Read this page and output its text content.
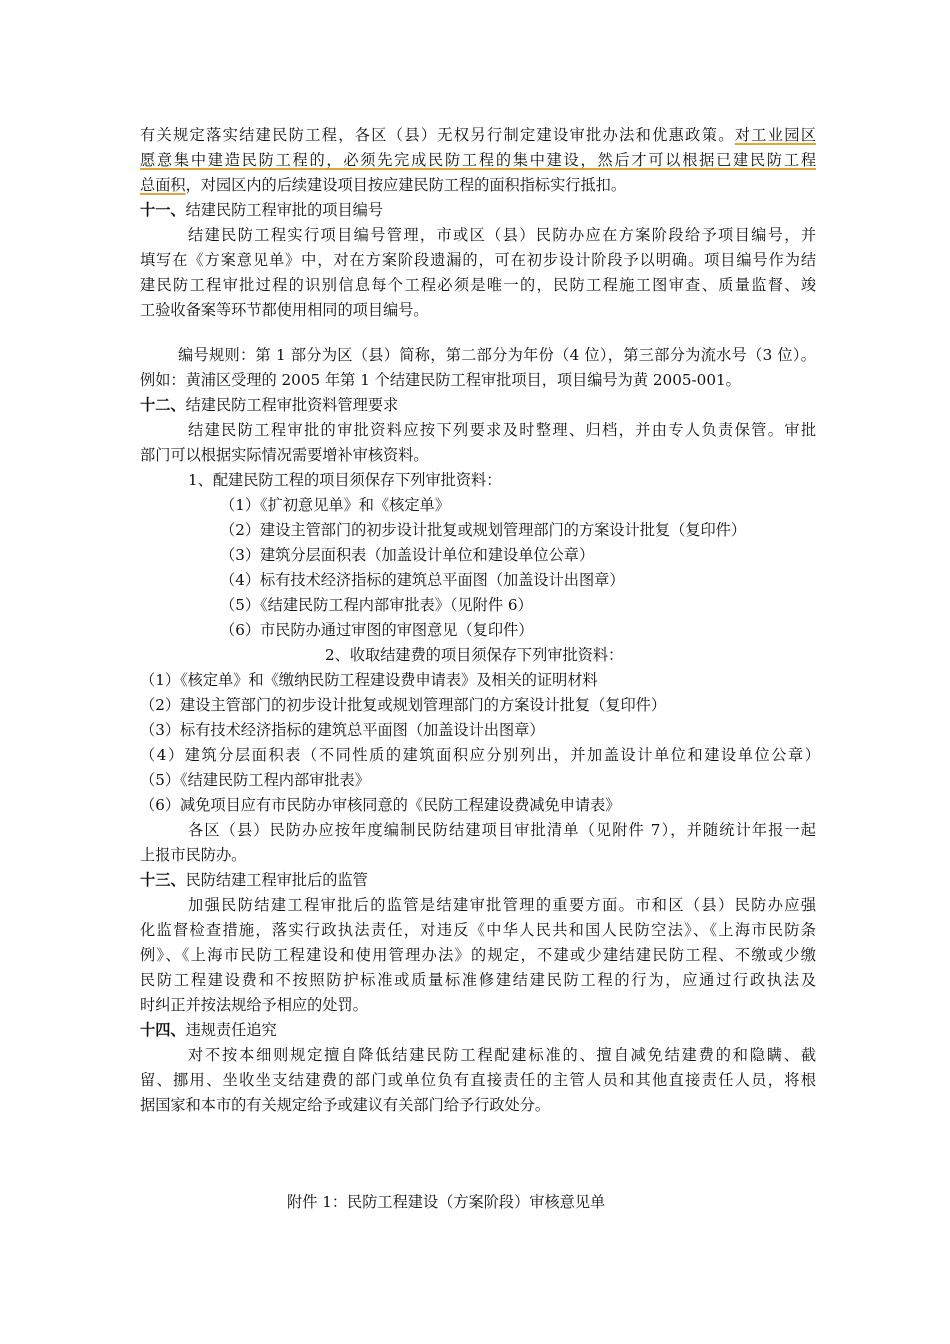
有关规定落实结建民防工程，各区（县）无权另行制定建设审批办法和优惠政策。对工业园区
愿意集中建造民防工程的，必须先完成民防工程的集中建设，然后才可以根据已建民防工程
总面积，对园区内的后续建设项目按应建民防工程的面积指标实行抵扣。
十一、结建民防工程审批的项目编号
结建民防工程实行项目编号管理，市或区（县）民防办应在方案阶段给予项目编号，并
填写在《方案意见单》中，对在方案阶段遗漏的，可在初步设计阶段予以明确。项目编号作为结
建民防工程审批过程的识别信息每个工程必须是唯一的，民防工程施工图审查、质量监督、竣
工验收备案等环节都使用相同的项目编号。
编号规则：第 1 部分为区（县）简称，第二部分为年份（4 位），第三部分为流水号（3 位）。
例如：黄浦区受理的 2005 年第 1 个结建民防工程审批项目，项目编号为黄 2005-001。
十二、结建民防工程审批资料管理要求
结建民防工程审批的审批资料应按下列要求及时整理、归档，并由专人负责保管。审批
部门可以根据实际情况需要增补审核资料。
1、配建民防工程的项目须保存下列审批资料：
（1）《扩初意见单》和《核定单》
（2）建设主管部门的初步设计批复或规划管理部门的方案设计批复（复印件）
（3）建筑分层面积表（加盖设计单位和建设单位公章）
（4）标有技术经济指标的建筑总平面图（加盖设计出图章）
（5）《结建民防工程内部审批表》（见附件 6）
（6）市民防办通过审图的审图意见（复印件）
2、收取结建费的项目须保存下列审批资料：
（1）《核定单》和《缴纳民防工程建设费申请表》及相关的证明材料
（2）建设主管部门的初步设计批复或规划管理部门的方案设计批复（复印件）
（3）标有技术经济指标的建筑总平面图（加盖设计出图章）
（4）建筑分层面积表（不同性质的建筑面积应分别列出，并加盖设计单位和建设单位公章）
（5）《结建民防工程内部审批表》
（6）减免项目应有市民防办审核同意的《民防工程建设费减免申请表》
各区（县）民防办应按年度编制民防结建项目审批清单（见附件 7），并随统计年报一起
上报市民防办。
十三、民防结建工程审批后的监管
加强民防结建工程审批后的监管是结建审批管理的重要方面。市和区（县）民防办应强
化监督检查措施，落实行政执法责任，对违反《中华人民共和国人民防空法》、《上海市民防条
例》、《上海市民防工程建设和使用管理办法》的规定，不建或少建结建民防工程、不缴或少缴
民防工程建设费和不按照防护标准或质量标准修建结建民防工程的行为，应通过行政执法及
时纠正并按法规给予相应的处罚。
十四、违规责任追究
对不按本细则规定擅自降低结建民防工程配建标准的、擅自减免结建费的和隐瞒、截
留、挪用、坐收坐支结建费的部门或单位负有直接责任的主管人员和其他直接责任人员，将根
据国家和本市的有关规定给予或建议有关部门给予行政处分。
附件 1：民防工程建设（方案阶段）审核意见单
